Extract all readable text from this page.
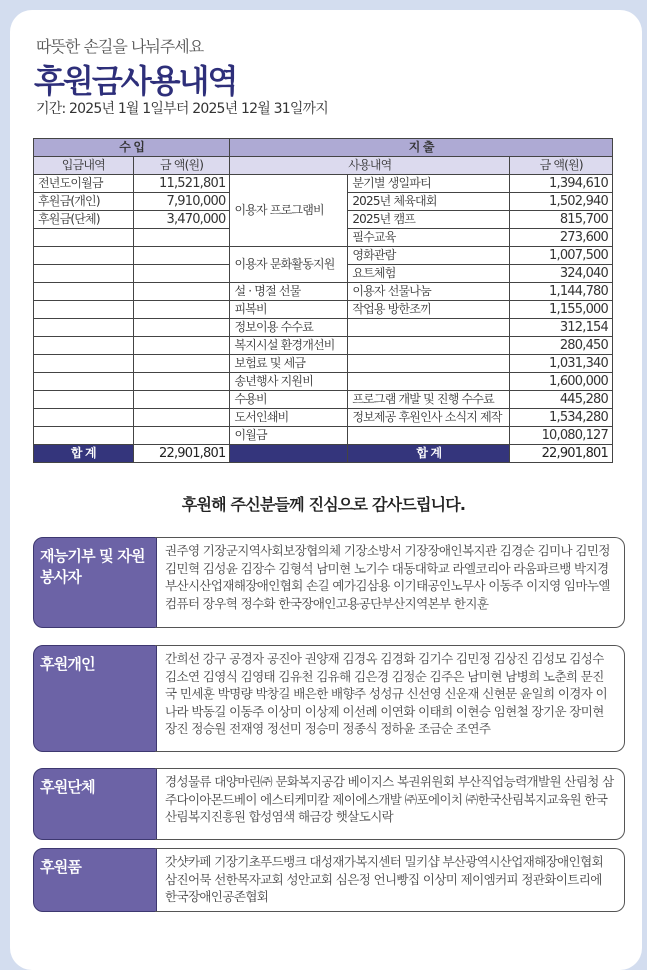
따뜻한 손길을 나눠주세요
후원금사용내역
기간: 2025년 1월 1일부터 2025년 12월 31일까지
수 입		지 출		
입금내역	금 액(원)	사용내역		금 액(원)
전년도이월금	11,521,801	이용자 프로그램비	분기별 생일파티	1,394,610
후원금(개인)	7,910,000		2025년 체육대회	1,502,940
후원금(단체)	3,470,000		2025년 캠프	815,700
			필수교육	273,600
		이용자 문화활동지원	영화관람	1,007,500
			요트체험	324,040
		설 · 명절 선물	이용자 선물나눔	1,144,780
		피복비	작업용 방한조끼	1,155,000
		정보이용 수수료		312,154
		복지시설 환경개선비		280,450
		보험료 및 세금		1,031,340
		송년행사 지원비		1,600,000
		수용비	프로그램 개발 및 진행 수수료	445,280
		도서인쇄비	정보제공 후원인사 소식지 제작	1,534,280
		이월금		10,080,127
합 계	22,901,801		합 계	22,901,801
후원해 주신분들께 진심으로 감사드립니다.
재능기부 및 자원봉사자
권주영 기장군지역사회보장협의체 기장소방서 기장장애인복지관 김경순 김미나 김민정 김민혁 김성윤 김장수 김형석 남미현 노기수 대동대학교 라엘코리아 라움파르뱅 박지경 부산시산업재해장애인협회 손길 예가김삼용 이기태공인노무사 이동주 이지영 임마누엘컴퓨터 장우혁 정수화 한국장애인고용공단부산지역본부 한지훈
후원개인	간희선 강구 공경자 공진아 권양재 김경옥 김경화 김기수 김민정 김상진 김성모 김성수 김소연 김영식 김영태 김유천 김유해 김은경 김정순 김주은 남미현 남병희 노춘희 문진국 민세훈 박명량 박창길 배은한 배향주 성성규 신선영 신운재 신현문 윤일희 이경자 이나라 박동길 이동주 이상미 이상제 이선례 이연화 이태희 이현승 임현철 장기운 장미현 장진 정승원 전재영 정선미 정승미 정종식 정하윤 조금순 조연주
후원단체	경성물류 대양마린㈜ 문화복지공감 베이지스 복권위원회 부산직업능력개발원 산림청 삼주다이아몬드베이 에스티케미칼 제이에스개발 ㈜포에이치 ㈜한국산림복지교육원 한국산림복지진흥원 합성염색 해금강 햇살도시락
후원품	갓샷카페 기장기초푸드뱅크 대성재가복지센터 밀키샵 부산광역시산업재해장애인협회 삼진어묵 선한목자교회 성안교회 심은정 언니빵집 이상미 제이엠커피 정관화이트리에 한국장애인공존협회
